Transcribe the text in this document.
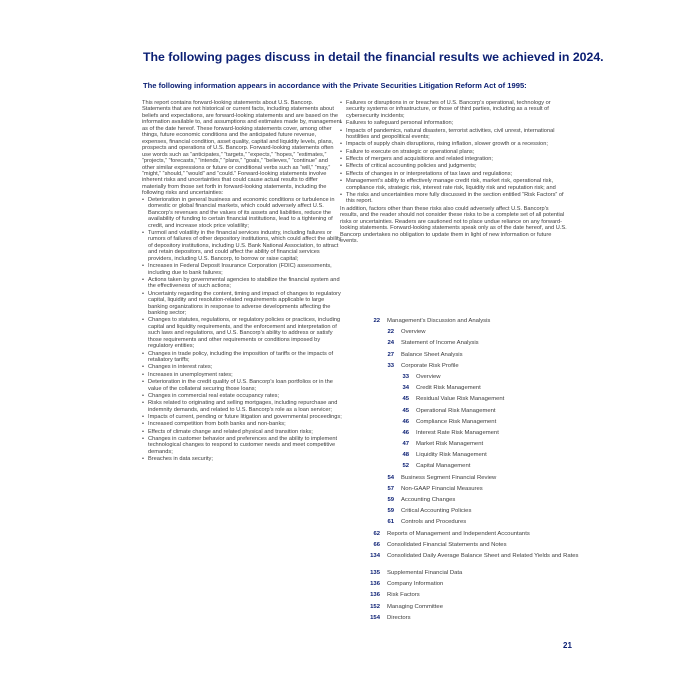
The following pages discuss in detail the financial results we achieved in 2024.
The following information appears in accordance with the Private Securities Litigation Reform Act of 1995:

This report contains forward-looking statements about U.S. Bancorp. Statements that are not historical or current facts, including statements about beliefs and expectations, are forward-looking statements and are based on the information available to, and assumptions and estimates made by, management as of the date hereof. These forward-looking statements cover, among other things, future economic conditions and the anticipated future revenue, expenses, financial condition, asset quality, capital and liquidity levels, plans, prospects and operations of U.S. Bancorp. Forward-looking statements often use words such as “anticipates,” “targets,” “expects,” “hopes,” “estimates,” “projects,” “forecasts,” “intends,” “plans,” “goals,” “believes,” “continue” and other similar expressions or future or conditional verbs such as “will,” “may,” “might,” “should,” “would” and “could.” Forward-looking statements involve inherent risks and uncertainties that could cause actual results to differ materially from those set forth in forward-looking statements, including the following risks and uncertainties:

• Deterioration in general business and economic conditions or turbulence in domestic or global financial markets, which could adversely affect U.S. Bancorp’s revenues and the values of its assets and liabilities, reduce the availability of funding to certain financial institutions, lead to a tightening of credit, and increase stock price volatility;
• Turmoil and volatility in the financial services industry, including failures or rumors of failures of other depository institutions, which could affect the ability of depository institutions, including U.S. Bank National Association, to attract and retain depositors, and could affect the ability of financial services providers, including U.S. Bancorp, to borrow or raise capital;
• Increases in Federal Deposit Insurance Corporation (FDIC) assessments, including due to bank failures;
• Actions taken by governmental agencies to stabilize the financial system and the effectiveness of such actions;
• Uncertainty regarding the content, timing and impact of changes to regulatory capital, liquidity and resolution-related requirements applicable to large banking organizations in response to adverse developments affecting the banking sector;
• Changes to statutes, regulations, or regulatory policies or practices, including capital and liquidity requirements, and the enforcement and interpretation of such laws and regulations, and U.S. Bancorp’s ability to address or satisfy those requirements and other requirements or conditions imposed by regulatory entities;
• Changes in trade policy, including the imposition of tariffs or the impacts of retaliatory tariffs;
• Changes in interest rates;
• Increases in unemployment rates;
• Deterioration in the credit quality of U.S. Bancorp’s loan portfolios or in the value of the collateral securing those loans;
• Changes in commercial real estate occupancy rates;
• Risks related to originating and selling mortgages, including repurchase and indemnity demands, and related to U.S. Bancorp’s role as a loan servicer;
• Impacts of current, pending or future litigation and governmental proceedings;
• Increased competition from both banks and non-banks;
• Effects of climate change and related physical and transition risks;
• Changes in customer behavior and preferences and the ability to implement technological changes to respond to customer needs and meet competitive demands;
• Breaches in data security;
• Failures or disruptions in or breaches of U.S. Bancorp’s operational, technology or security systems or infrastructure, or those of third parties, including as a result of cybersecurity incidents;
• Failures to safeguard personal information;
• Impacts of pandemics, natural disasters, terrorist activities, civil unrest, international hostilities and geopolitical events;
• Impacts of supply chain disruptions, rising inflation, slower growth or a recession;
• Failure to execute on strategic or operational plans;
• Effects of mergers and acquisitions and related integration;
• Effects of critical accounting policies and judgments;
• Effects of changes in or interpretations of tax laws and regulations;
• Management’s ability to effectively manage credit risk, market risk, operational risk, compliance risk, strategic risk, interest rate risk, liquidity risk and reputation risk; and
• The risks and uncertainties more fully discussed in the section entitled “Risk Factors” of this report.

In addition, factors other than these risks also could adversely affect U.S. Bancorp’s results, and the reader should not consider these risks to be a complete set of all potential risks or uncertainties. Readers are cautioned not to place undue reliance on any forward-looking statements. Forward-looking statements speak only as of the date hereof, and U.S. Bancorp undertakes no obligation to update them in light of new information or future events.

22 Management’s Discussion and Analysis
22 Overview
24 Statement of Income Analysis
27 Balance Sheet Analysis
33 Corporate Risk Profile
33 Overview
34 Credit Risk Management
45 Residual Value Risk Management
45 Operational Risk Management
46 Compliance Risk Management
46 Interest Rate Risk Management
47 Market Risk Management
48 Liquidity Risk Management
52 Capital Management
54 Business Segment Financial Review
57 Non-GAAP Financial Measures
59 Accounting Changes
59 Critical Accounting Policies
61 Controls and Procedures
62 Reports of Management and Independent Accountants
66 Consolidated Financial Statements and Notes
134 Consolidated Daily Average Balance Sheet and Related Yields and Rates
135 Supplemental Financial Data
136 Company Information
136 Risk Factors
152 Managing Committee
154 Directors
21
